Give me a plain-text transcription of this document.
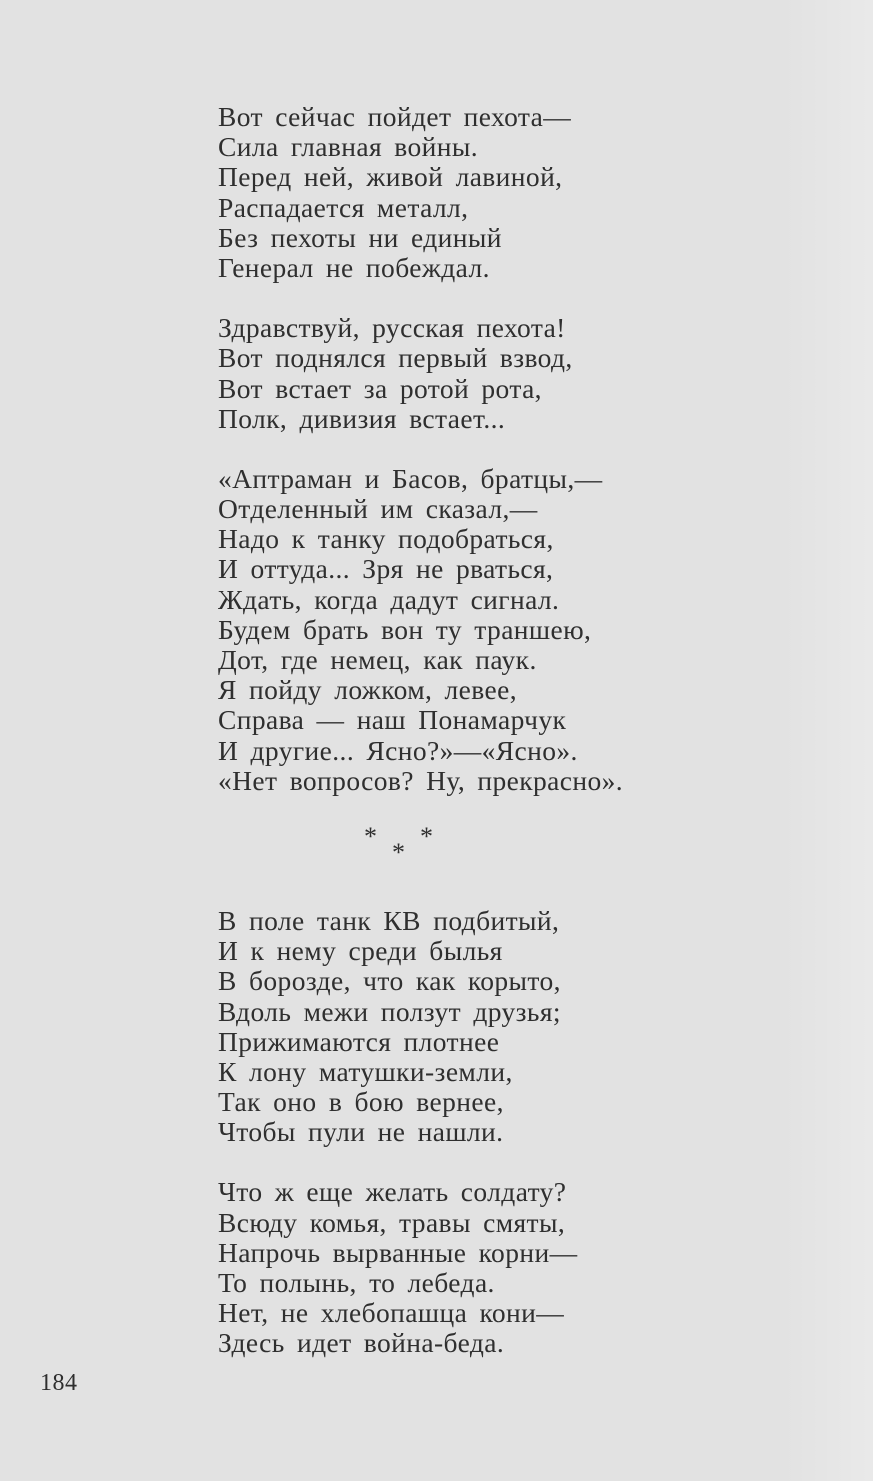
Вот сейчас пойдет пехота—
Сила главная войны.
Перед ней, живой лавиной,
Распадается металл,
Без пехоты ни единый
Генерал не побеждал.
Здравствуй, русская пехота!
Вот поднялся первый взвод,
Вот встает за ротой рота,
Полк, дивизия встает...
«Аптраман и Басов, братцы,—
Отделенный им сказал,—
Надо к танку подобраться,
И оттуда... Зря не рваться,
Ждать, когда дадут сигнал.
Будем брать вон ту траншею,
Дот, где немец, как паук.
Я пойду ложком, левее,
Справа — наш Понамарчук
И другие... Ясно?»—«Ясно».
«Нет вопросов? Ну, прекрасно».
* *
*
В поле танк КВ подбитый,
И к нему среди былья
В борозде, что как корыто,
Вдоль межи ползут друзья;
Прижимаются плотнее
К лону матушки-земли,
Так оно в бою вернее,
Чтобы пули не нашли.
Что ж еще желать солдату?
Всюду комья, травы смяты,
Напрочь вырванные корни—
То полынь, то лебеда.
Нет, не хлебопашца кони—
Здесь идет война-беда.
184
